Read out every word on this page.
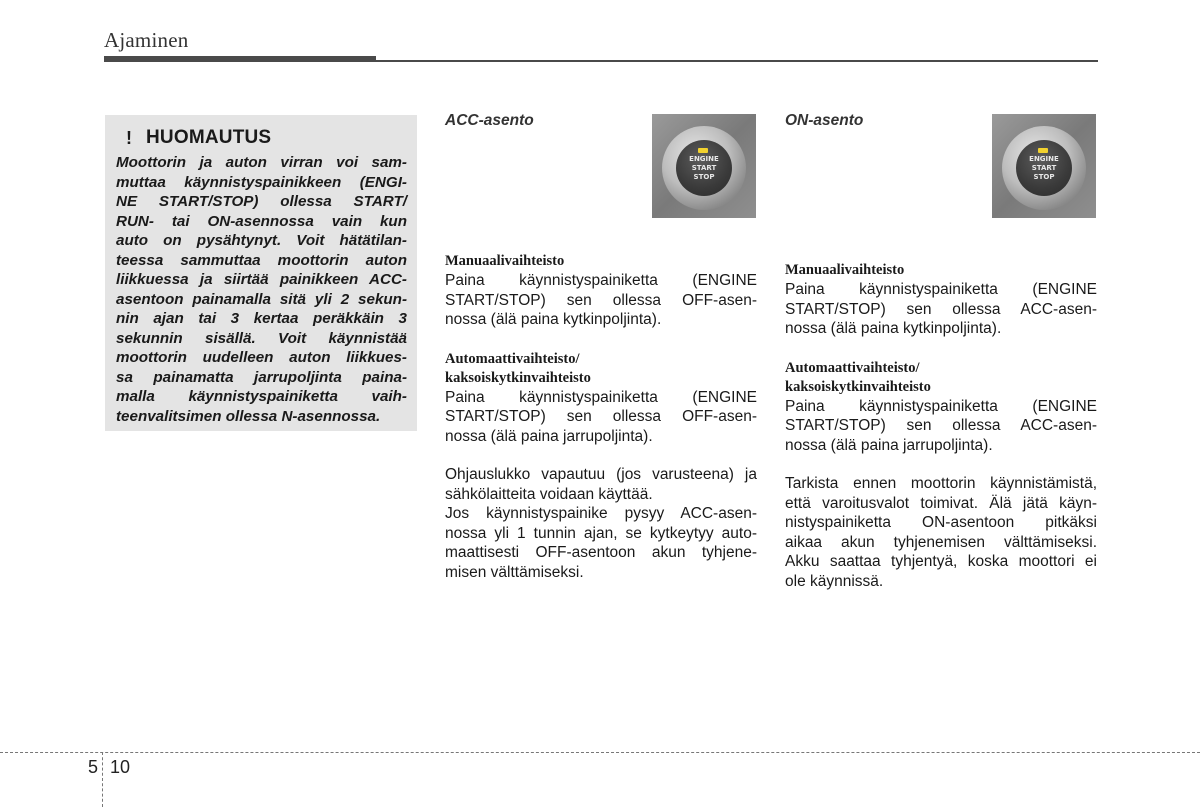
Ajaminen
! HUOMAUTUS
Moottorin ja auton virran voi sam-
muttaa käynnistyspainikkeen (ENGI-
NE START/STOP) ollessa START/
RUN- tai ON-asennossa vain kun
auto on pysähtynyt. Voit hätätilan-
teessa sammuttaa moottorin auton
liikkuessa ja siirtää painikkeen ACC-
asentoon painamalla sitä yli 2 sekun-
nin ajan tai 3 kertaa peräkkäin 3
sekunnin sisällä. Voit käynnistää
moottorin uudelleen auton liikkues-
sa painamatta jarrupoljinta paina-
malla käynnistyspainiketta vaih-
teenvalitsimen ollessa N-asennossa.
ACC-asento
Manuaalivaihteisto
Paina käynnistyspainiketta (ENGINE
START/STOP) sen ollessa OFF-asen-
nossa (älä paina kytkinpoljinta).
Automaattivaihteisto/
kaksoiskytkinvaihteisto
Paina käynnistyspainiketta (ENGINE
START/STOP) sen ollessa OFF-asen-
nossa (älä paina jarrupoljinta).
Ohjauslukko vapautuu (jos varusteena) ja
sähkölaitteita voidaan käyttää.
Jos käynnistyspainike pysyy ACC-asen-
nossa yli 1 tunnin ajan, se kytkeytyy auto-
maattisesti OFF-asentoon akun tyhjene-
misen välttämiseksi.
ENGINE
START
STOP
ON-asento
Manuaalivaihteisto
Paina käynnistyspainiketta (ENGINE
START/STOP) sen ollessa ACC-asen-
nossa (älä paina kytkinpoljinta).
Automaattivaihteisto/
kaksoiskytkinvaihteisto
Paina käynnistyspainiketta (ENGINE
START/STOP) sen ollessa ACC-asen-
nossa (älä paina jarrupoljinta).
Tarkista ennen moottorin käynnistämistä,
että varoitusvalot toimivat. Älä jätä käyn-
nistyspainiketta ON-asentoon pitkäksi
aikaa akun tyhjenemisen välttämiseksi.
Akku saattaa tyhjentyä, koska moottori ei
ole käynnissä.
ENGINE
START
STOP
5 10
